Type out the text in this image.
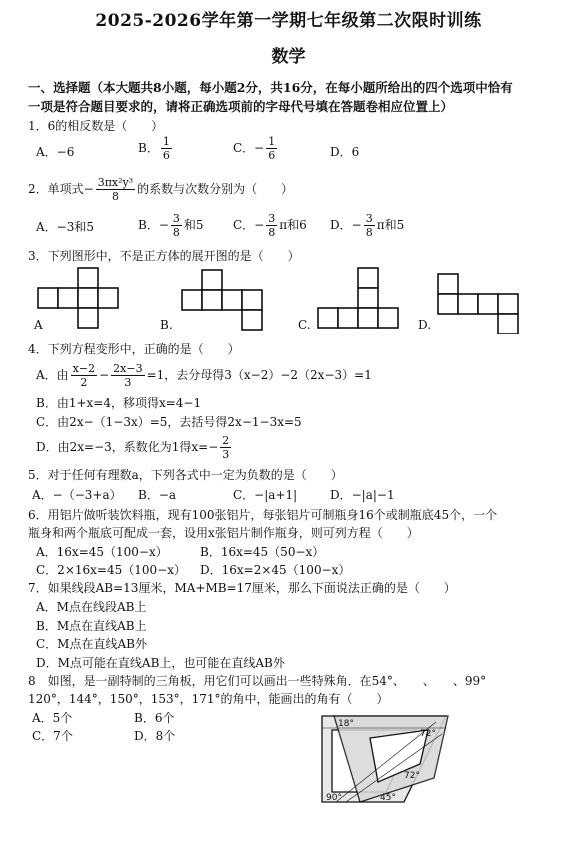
2025-2026学年第一学期七年级第二次限时训练
数学
一、选择题（本大题共8小题，每小题2分，共16分，在每小题所给出的四个选项中恰有
一项是符合题目要求的，请将正确选项前的字母代号填在答题卷相应位置上）
1．6的相反数是（　　）
A．−6	B． $\frac{1}{6}$	C．− $\frac{1}{6}$	D．6
2．单项式− $\frac{\text{3πx²y³}}{8}$ 的系数与次数分别为（　　）
A．−3和5	B．− $\frac{3}{8}$ 和5 C．− $\frac{3}{8}$ π和6 D．− $\frac{3}{8}$ π和5
3．下列图形中，不是正方体的展开图的是（　　）
A	B.	C.	D.
4．下列方程变形中，正确的是（　　）
A．由 $\frac{x-2}{2} - \frac{2x-3}{3} =1$，去分母得3（x−2）−2（2x−3）=1
B．由1+x=4，移项得x=4−1
C．由2x−（1−3x）=5，去括号得2x−1−3x=5
D．由2x=−3，系数化为1得$x=- \frac{2}{3}$
5．对于任何有理数a，下列各式中一定为负数的是（　　）
A．−（−3+a） B．−a	C．−|a+1|	D．−|a|−1
6．用铝片做听装饮料瓶，现有100张铝片，每张铝片可制瓶身16个或制瓶底45个，一个
瓶身和两个瓶底可配成一套，设用x张铝片制作瓶身，则可列方程（　　）
A．16x=45（100−x）	B．16x=45（50−x）
C．2×16x=45（100−x） D．16x=2×45（100−x）
7．如果线段AB=13厘米，MA+MB=17厘米，那么下面说法正确的是（　　）
A．M点在线段AB上
B．M点在直线AB上
C．M点在直线AB外
D．M点可能在直线AB上，也可能在直线AB外
8　如图，是一副特制的三角板，用它们可以画出一些特殊角．在54°、　　、　　、99°
120°，144°，150°，153°，171°的角中，能画出的角有（　　）
A．5个	B．6个
C．7个	D．8个
18°
72°
72°
90°	45°
